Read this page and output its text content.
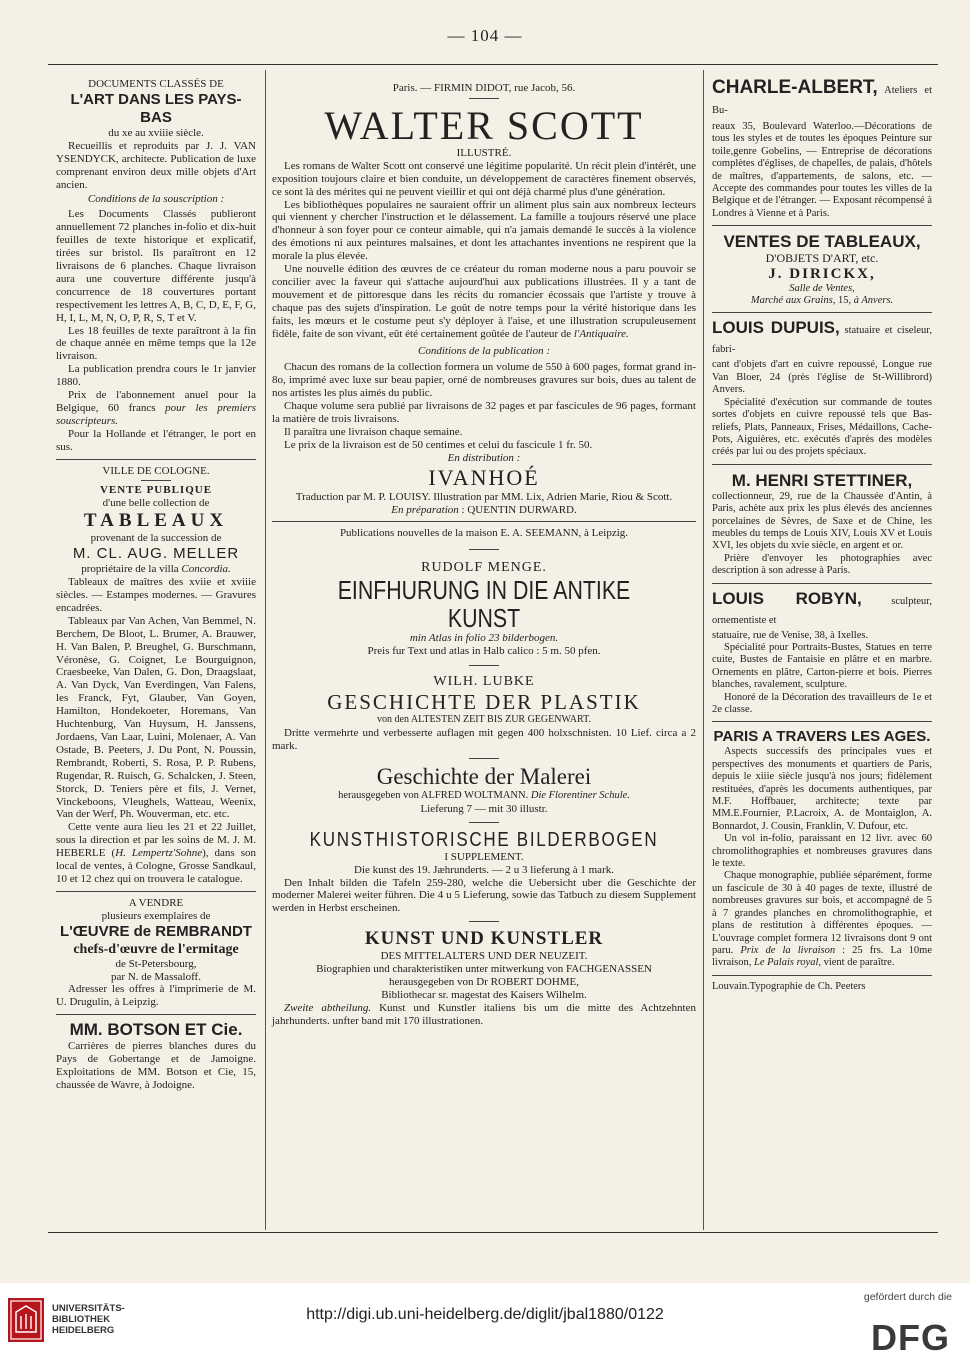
— 104 —

DOCUMENTS CLASSÉS DE

L'ART DANS LES PAYS-BAS

du xe au xviiie siècle.

Recueillis et reproduits par J. J. VAN YSENDYCK, architecte. Publication de luxe comprenant environ deux mille objets d'Art ancien.

Conditions de la souscription :

Les Documents Classés publieront annuellement 72 planches in-folio et dix-huit feuilles de texte historique et explicatif, tirées sur bristol. Ils paraîtront en 12 livraisons de 6 planches. Chaque livraison aura une couverture différente jusqu'à concurrence de 18 couvertures portant respectivement les lettres A, B, C, D, E, F, G, H, I, L, M, N, O, P, R, S, T et V.

Les 18 feuilles de texte paraîtront à la fin de chaque année en même temps que la 12e livraison.

La publication prendra cours le 1r janvier 1880.

Prix de l'abonnement anuel pour la Belgique, 60 francs pour les premiers souscripteurs.

Pour la Hollande et l'étranger, le port en sus.

VILLE DE COLOGNE.

VENTE PUBLIQUE

d'une belle collection de

TABLEAUX

provenant de la succession de

M. CL. AUG. MELLER

propriétaire de la villa Concordia.

Tableaux de maîtres des xviie et xviiie siècles. — Estampes modernes. — Gravures encadrées.

Tableaux par Van Achen, Van Bemmel, N. Berchem, De Bloot, L. Brumer, A. Brauwer, H. Van Balen, P. Breughel, G. Burschmann, Véronèse, G. Coignet, Le Bourguignon, Craesbeeke, Van Dalen, G. Don, Draagslaat, A. Van Dyck, Van Everdingen, Van Falens, les Franck, Fyt, Glauber, Van Goyen, Hamilton, Hondekoeter, Horemans, Van Huchtenburg, Van Huysum, H. Janssens, Jordaens, Van Laar, Luini, Molenaer, A. Van Ostade, B. Peeters, J. Du Pont, N. Poussin, Rembrandt, Roberti, S. Rosa, P. P. Rubens, Rugendar, R. Ruisch, G. Schalcken, J. Steen, Storck, D. Teniers père et fils, J. Vernet, Vinckeboons, Vleughels, Watteau, Weenix, Van der Werf, Ph. Wouverman, etc. etc.

Cette vente aura lieu les 21 et 22 Juillet, sous la direction et par les soins de M. J. M. HEBERLE (H. Lempertz'Sohne), dans son local de ventes, à Cologne, Grosse Sandkaul, 10 et 12 chez qui on trouvera le catalogue.

A VENDRE

plusieurs exemplaires de

L'ŒUVRE de REMBRANDT

chefs-d'œuvre de l'ermitage

de St-Petersbourg,

par N. de Massaloff.

Adresser les offres à l'imprimerie de M. U. Drugulin, à Leipzig.

MM. BOTSON ET Cie.

Carrières de pierres blanches dures du Pays de Gobertange et de Jamoigne. Exploitations de MM. Botson et Cie, 15, chaussée de Wavre, à Jodoigne.

Paris. — FIRMIN DIDOT, rue Jacob, 56.

WALTER SCOTT

ILLUSTRÉ.

Les romans de Walter Scott ont conservé une légitime popularité. Un récit plein d'intérêt, une exposition toujours claire et bien conduite, un développement de caractères finement observés, ce sont là des mérites qui ne peuvent vieillir et qui ont déjà charmé plus d'une génération.

Les bibliothèques populaires ne sauraient offrir un aliment plus sain aux nombreux lecteurs qui viennent y chercher l'instruction et le délassement. La famille a toujours réservé une place d'honneur à son foyer pour ce conteur aimable, qui n'a jamais demandé le succès à la violence des émotions ni aux peintures malsaines, et dont les attachantes inventions ne respirent que la morale la plus élevée.

Une nouvelle édition des œuvres de ce créateur du roman moderne nous a paru pouvoir se concilier avec la faveur qui s'attache aujourd'hui aux publications illustrées. Il y a tant de mouvement et de pittoresque dans les récits du romancier écossais que l'artiste y trouve à chaque pas des sujets d'inspiration. Le goût de notre temps pour la vérité historique dans les faits, les mœurs et le costume peut s'y déployer à l'aise, et une illustration scrupuleusement fidèle, faite de son vivant, eût été certainement goûtée de l'auteur de l'Antiquaire.

Conditions de la publication :

Chacun des romans de la collection formera un volume de 550 à 600 pages, format grand in-8o, imprimé avec luxe sur beau papier, orné de nombreuses gravures sur bois, dues au talent de nos artistes les plus aimés du public.

Chaque volume sera publié par livraisons de 32 pages et par fascicules de 96 pages, formant la matière de trois livraisons.

Il paraîtra une livraison chaque semaine.

Le prix de la livraison est de 50 centimes et celui du fascicule 1 fr. 50.

En distribution :

IVANHOÉ

Traduction par M. P. LOUISY. Illustration par MM. Lix, Adrien Marie, Riou & Scott.

En préparation : QUENTIN DURWARD.

Publications nouvelles de la maison E. A. SEEMANN, à Leipzig.

RUDOLF MENGE.

EINFHURUNG IN DIE ANTIKE KUNST

min Atlas in folio 23 bilderbogen.

Preis fur Text und atlas in Halb calico : 5 m. 50 pfen.

WILH. LUBKE

GESCHICHTE DER PLASTIK

von den ALTESTEN ZEIT BIS ZUR GEGENWART.

Dritte vermehrte und verbesserte auflagen mit gegen 400 holxschnisten. 10 Lief. circa a 2 mark.

Geschichte der Malerei

herausgegeben von ALFRED WOLTMANN. Die Florentiner Schule.

Lieferung 7 — mit 30 illustr.

KUNSTHISTORISCHE BILDERBOGEN

I SUPPLEMENT.

Die kunst des 19. Jæhrunderts. — 2 u 3 lieferung à 1 mark.

Den Inhalt bilden die Tafeln 259-280, welche die Uebersicht uber die Geschichte der moderner Malerei weiter führen. Die 4 u 5 Lieferung, sowie das Tatbuch zu diesem Supplement werden in Herbst erscheinen.

KUNST UND KUNSTLER

DES MITTELALTERS UND DER NEUZEIT.

Biographien und charakteristiken unter mitwerkung von FACHGENASSEN

herausgegeben von Dr ROBERT DOHME,

Bibliothecar sr. magestat des Kaisers Wilhelm.

Zweite abtheilung. Kunst und Kunstler italiens bis um die mitte des Achtzehnten jahrhunderts. unfter band mit 170 illustrationen.

CHARLE-ALBERT, Ateliers et Bu-

reaux 35, Boulevard Waterloo.—Décorations de tous les styles et de toutes les époques Peinture sur toile,genre Gobelins, — Entreprise de décorations complètes d'églises, de chapelles, de palais, d'hôtels de maîtres, d'appartements, de salons, etc. — Accepte des commandes pour toutes les villes de la Belgique et de l'étranger. — Exposant récompensé à Londres à Vienne et à Paris.

VENTES DE TABLEAUX,

D'OBJETS D'ART, etc.

J. DIRICKX,

Salle de Ventes,

Marché aux Grains, 15, à Anvers.

LOUIS DUPUIS, statuaire et ciseleur, fabri-

cant d'objets d'art en cuivre repoussé, Longue rue Van Bloer, 24 (près l'église de St-Willibrord) Anvers.

Spécialité d'exécution sur commande de toutes sortes d'objets en cuivre repoussé tels que Bas-reliefs, Plats, Panneaux, Frises, Médaillons, Cache-Pots, Aiguières, etc. exécutés d'après des modèles créés par lui ou des projets spéciaux.

M. HENRI STETTINER,

collectionneur, 29, rue de la Chaussée d'Antin, à Paris, achète aux prix les plus élevés des anciennes porcelaines de Sèvres, de Saxe et de Chine, les meubles du temps de Louis XIV, Louis XV et Louis XVI, les objets du xvie siècle, en argent et or.

Prière d'envoyer les photographies avec description à son adresse à Paris.

LOUIS ROBYN,	sculpteur, ornementiste et

statuaire, rue de Venise, 38, à Ixelles.

Spécialité pour Portraits-Bustes, Statues en terre cuite, Bustes de Fantaisie en plâtre et en marbre. Ornements en plâtre, Carton-pierre et bois. Pierres blanches, ravalement, sculpture.

Honoré de la Décoration des travailleurs de 1e et 2e classe.

PARIS A TRAVERS LES AGES.

Aspects successifs des principales vues et perspectives des monuments et quartiers de Paris, depuis le xiiie siècle jusqu'à nos jours; fidèlement restituées, d'après les documents authentiques, par M.F. Hoffbauer, architecte; texte par MM.E.Fournier, P.Lacroix, A. de Montaiglon, A. Bonnardot, J. Cousin, Franklin, V. Dufour, etc.

Un vol in-folio, paraissant en 12 livr. avec 60 chromolithographies et nombreuses gravures dans le texte.

Chaque monographie, publiée séparément, forme un fascicule de 30 à 40 pages de texte, illustré de nombreuses gravures sur bois, et accompagné de 5 à 7 grandes planches en chromolithographie, et plans de restitution à différentes époques. — L'ouvrage complet formera 12 livraisons dont 9 ont paru. Prix de la livraison : 25 frs. La 10me livraison, Le Palais royal, vient de paraître.

Louvain.Typographie de Ch. Peeters

UNIVERSITÄTS-
BIBLIOTHEK
HEIDELBERG
http://digi.ub.uni-heidelberg.de/diglit/jbal1880/0122
gefördert durch die
DFG
